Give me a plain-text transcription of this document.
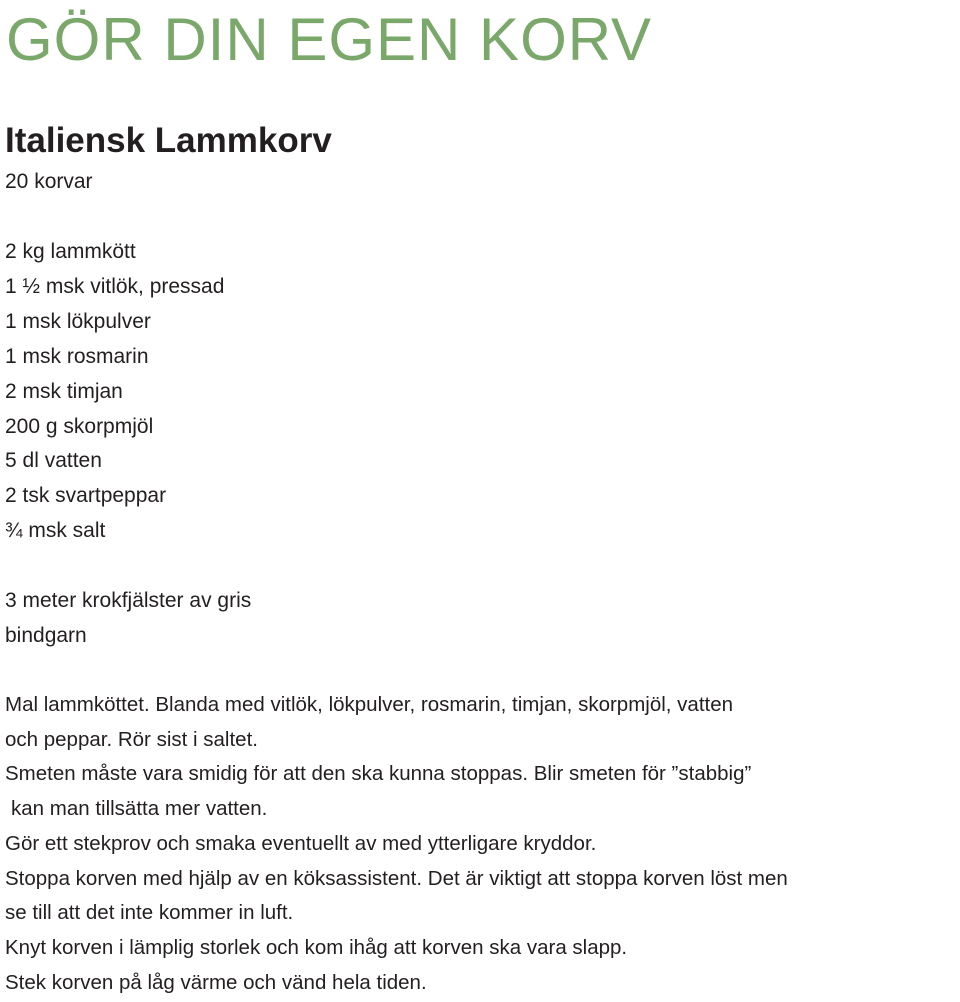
GÖR DIN EGEN KORV
Italiensk Lammkorv
20 korvar
2 kg lammkött
1 ½ msk vitlök, pressad
1 msk lökpulver
1 msk rosmarin
2 msk timjan
200 g skorpmjöl
5 dl vatten
2 tsk svartpeppar
¾ msk salt
3 meter krokfjälster av gris
bindgarn
Mal lammköttet. Blanda med vitlök, lökpulver, rosmarin, timjan, skorpmjöl, vatten
och peppar. Rör sist i saltet.
Smeten måste vara smidig för att den ska kunna stoppas. Blir smeten för ”stabbig”
kan man tillsätta mer vatten.
Gör ett stekprov och smaka eventuellt av med ytterligare kryddor.
Stoppa korven med hjälp av en köksassistent. Det är viktigt att stoppa korven löst men
se till att det inte kommer in luft.
Knyt korven i lämplig storlek och kom ihåg att korven ska vara slapp.
Stek korven på låg värme och vänd hela tiden.
